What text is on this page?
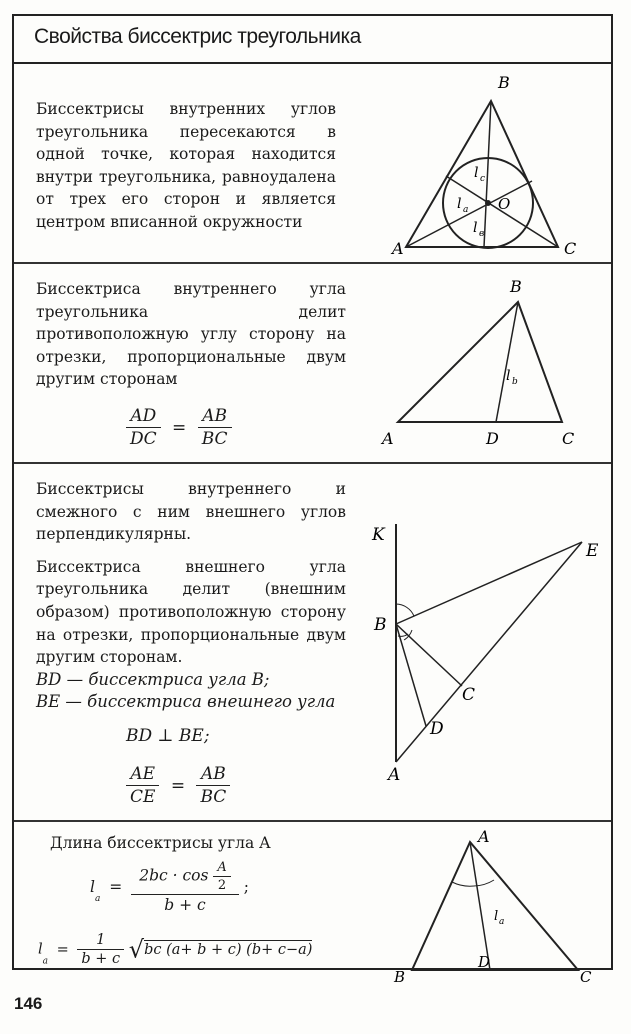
Свойства биссектрис треугольника

Биссектрисы внутренних углов треугольника пересекаются в одной точке, которая находится внутри треугольника, равноудалена от трех его сторон и является центром вписанной окружности

B
A	C
O
l c
l a
l в

Биссектриса внутреннего угла треугольника делит противоположную углу сторону на отрезки, пропорциональные двум другим сторонам

$\frac{AD}{DC} = \frac{AB}{BC}$
B
A	D	C
l b

Биссектрисы внутреннего и смежного с ним внешнего углов перпендикулярны.

Биссектриса внешнего угла треугольника делит (внешним образом) противоположную сторону на отрезки, пропорциональные двум другим сторонам.

BD — биссектриса угла B;

BE — биссектриса внешнего угла

BD ⊥ BE;
$\frac{AE}{CE} = \frac{AB}{BC}$
K
E
B
C
D
A

Длина биссектрисы угла A

$l_a = \frac{2bc \cdot \cos \frac{A}{2}}{b + c}$ ;
$l_a = \frac{1}{b + c} √bc$ (a+ b + c) (b+ c−a)
A
B
D
C
l a
146
